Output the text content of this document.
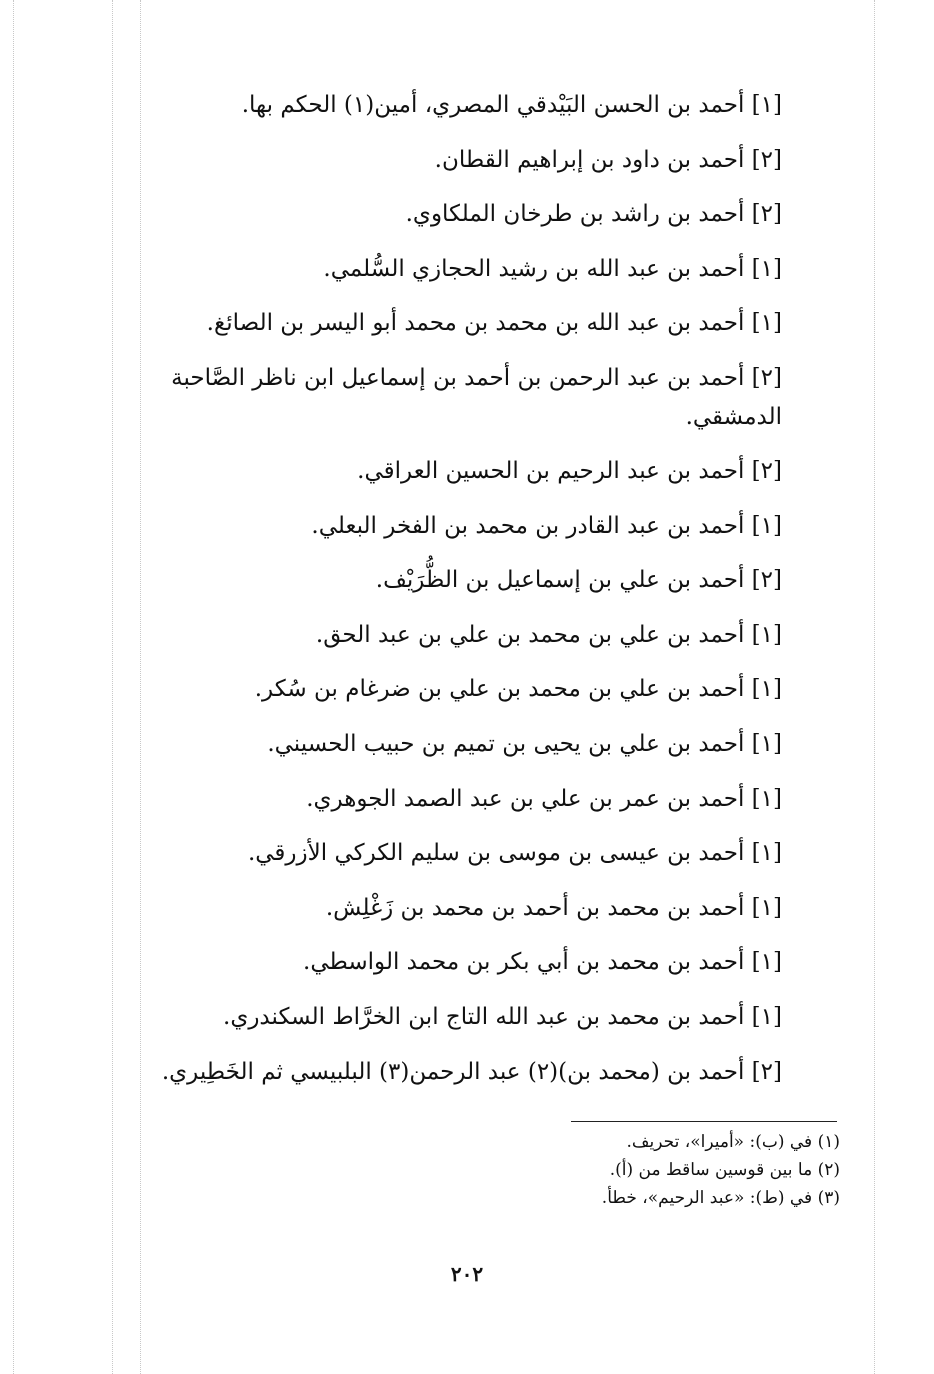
[١] أحمد بن الحسن البَيْدقي المصري، أمين(١) الحكم بها.
[٢] أحمد بن داود بن إبراهيم القطان.
[٢] أحمد بن راشد بن طرخان الملكاوي.
[١] أحمد بن عبد الله بن رشيد الحجازي السُّلمي.
[١] أحمد بن عبد الله بن محمد بن محمد أبو اليسر بن الصائغ.
[٢] أحمد بن عبد الرحمن بن أحمد بن إسماعيل ابن ناظر الصَّاحبة
الدمشقي.
[٢] أحمد بن عبد الرحيم بن الحسين العراقي.
[١] أحمد بن عبد القادر بن محمد بن الفخر البعلي.
[٢] أحمد بن علي بن إسماعيل بن الظُّرَيْف.
[١] أحمد بن علي بن محمد بن علي بن عبد الحق.
[١] أحمد بن علي بن محمد بن علي بن ضرغام بن سُكر.
[١] أحمد بن علي بن يحيى بن تميم بن حبيب الحسيني.
[١] أحمد بن عمر بن علي بن عبد الصمد الجوهري.
[١] أحمد بن عيسى بن موسى بن سليم الكركي الأزرقي.
[١] أحمد بن محمد بن أحمد بن محمد بن زَغْلِش.
[١] أحمد بن محمد بن أبي بكر بن محمد الواسطي.
[١] أحمد بن محمد بن عبد الله التاج ابن الخرَّاط السكندري.
[٢] أحمد بن (محمد بن)(٢) عبد الرحمن(٣) البلبيسي ثم الخَطِيري.
(١) في (ب): «أميرا»، تحريف.
(٢) ما بين قوسين ساقط من (أ).
(٣) في (ط): «عبد الرحيم»، خطأ.
٢٠٢
